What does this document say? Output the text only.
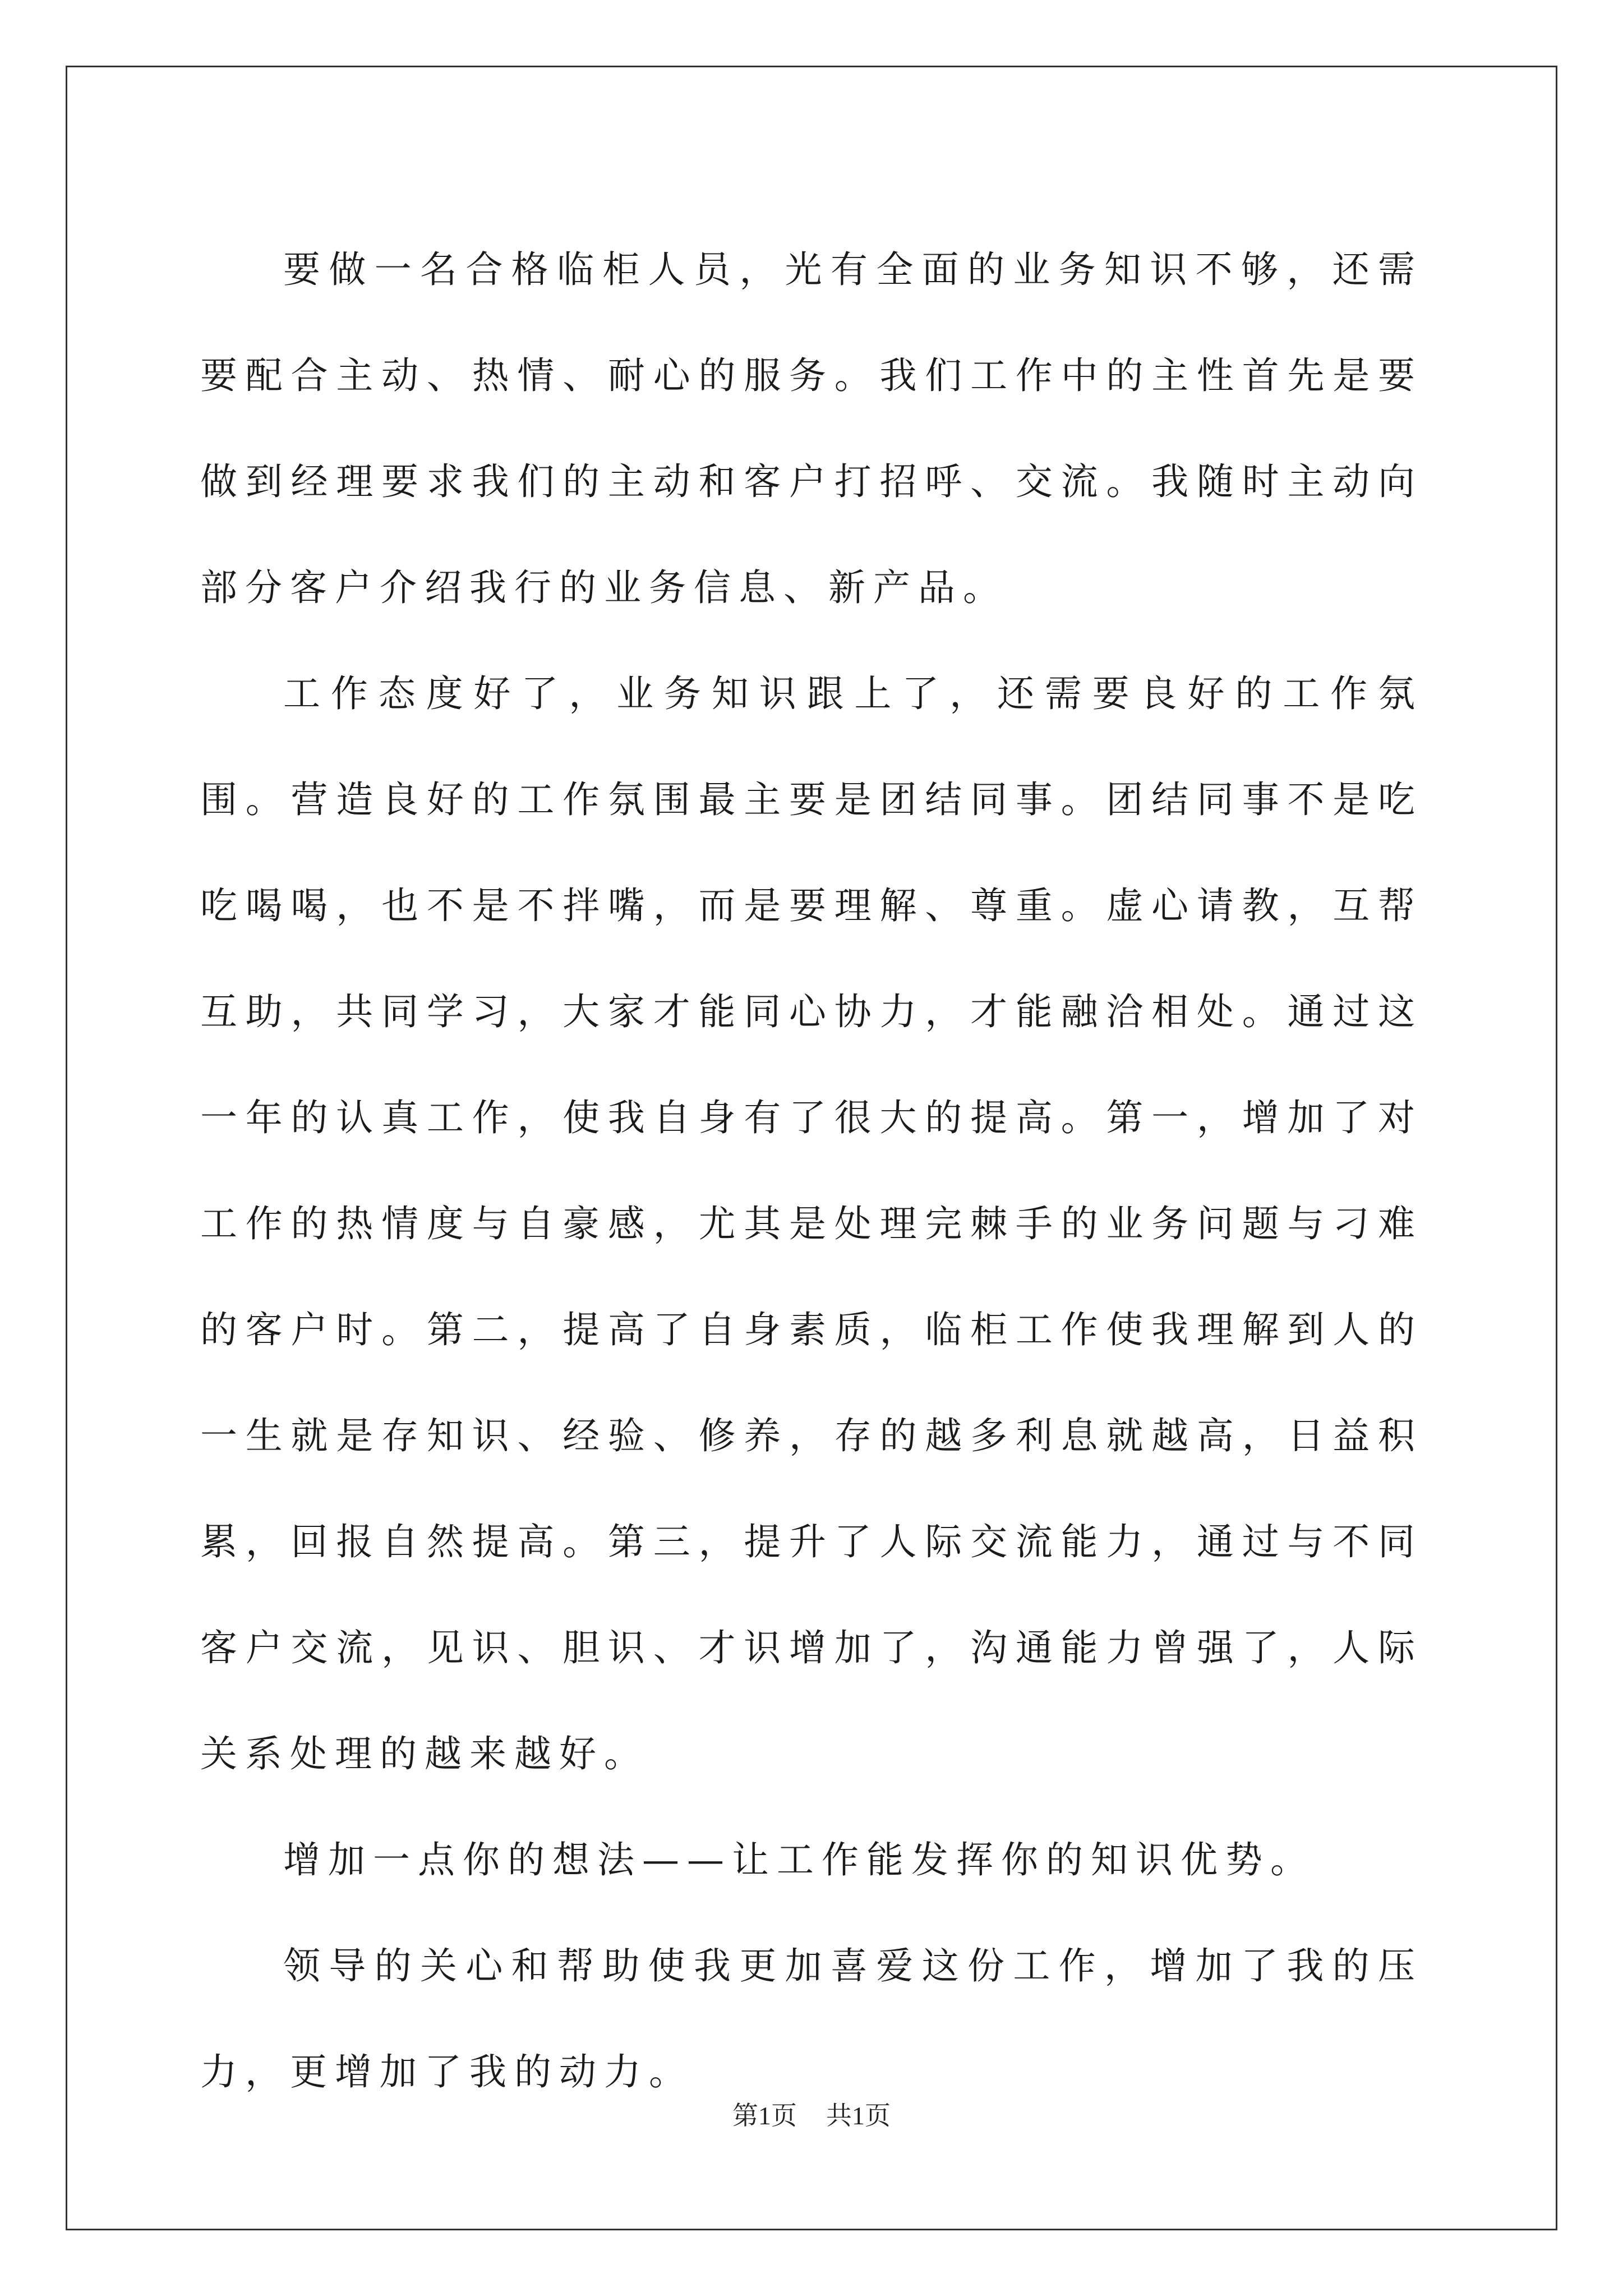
要做一名合格临柜人员，光有全面的业务知识不够，还需要配合主动、热情、耐心的服务。我们工作中的主性首先是要做到经理要求我们的主动和客户打招呼、交流。我随时主动向部分客户介绍我行的业务信息、新产品。

工作态度好了，业务知识跟上了，还需要良好的工作氛围。营造良好的工作氛围最主要是团结同事。团结同事不是吃吃喝喝，也不是不拌嘴，而是要理解、尊重。虚心请教，互帮互助，共同学习，大家才能同心协力，才能融洽相处。通过这一年的认真工作，使我自身有了很大的提高。第一，增加了对工作的热情度与自豪感，尤其是处理完棘手的业务问题与刁难的客户时。第二，提高了自身素质，临柜工作使我理解到人的一生就是存知识、经验、修养，存的越多利息就越高，日益积累，回报自然提高。第三，提升了人际交流能力，通过与不同客户交流，见识、胆识、才识增加了，沟通能力曾强了，人际关系处理的越来越好。

增加一点你的想法——让工作能发挥你的知识优势。

领导的关心和帮助使我更加喜爱这份工作，增加了我的压力，更增加了我的动力。

第1页 共1页
